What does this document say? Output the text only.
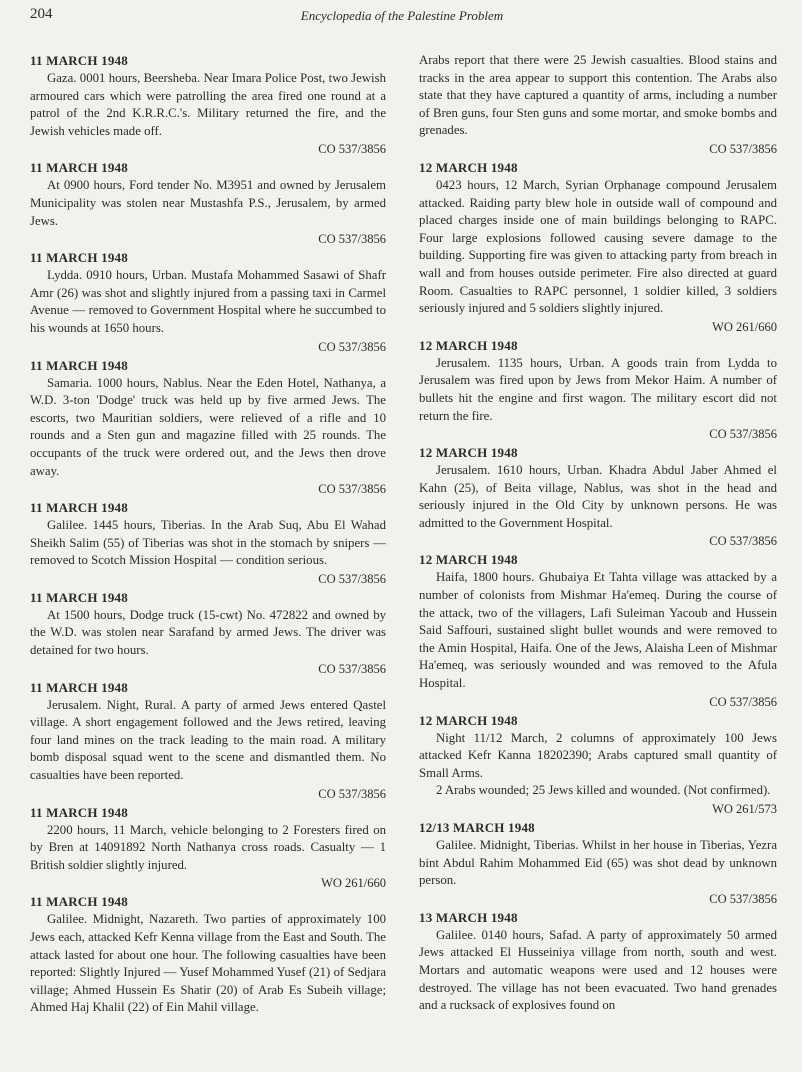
204	Encyclopedia of the Palestine Problem
11 MARCH 1948

Gaza. 0001 hours, Beersheba. Near Imara Police Post, two Jewish armoured cars which were patrolling the area fired one round at a patrol of the 2nd K.R.R.C.'s. Military returned the fire, and the Jewish vehicles made off.

CO 537/3856
11 MARCH 1948

At 0900 hours, Ford tender No. M3951 and owned by Jerusalem Municipality was stolen near Mustashfa P.S., Jerusalem, by armed Jews.

CO 537/3856
11 MARCH 1948

Lydda. 0910 hours, Urban. Mustafa Mohammed Sasawi of Shafr Amr (26) was shot and slightly injured from a passing taxi in Carmel Avenue — removed to Government Hospital where he succumbed to his wounds at 1650 hours.

CO 537/3856
11 MARCH 1948

Samaria. 1000 hours, Nablus. Near the Eden Hotel, Nathanya, a W.D. 3-ton 'Dodge' truck was held up by five armed Jews. The escorts, two Mauritian soldiers, were relieved of a rifle and 10 rounds and a Sten gun and magazine filled with 25 rounds. The occupants of the truck were ordered out, and the Jews then drove away.

CO 537/3856
11 MARCH 1948

Galilee. 1445 hours, Tiberias. In the Arab Suq, Abu El Wahad Sheikh Salim (55) of Tiberias was shot in the stomach by snipers — removed to Scotch Mission Hospital — condition serious.

CO 537/3856
11 MARCH 1948

At 1500 hours, Dodge truck (15-cwt) No. 472822 and owned by the W.D. was stolen near Sarafand by armed Jews. The driver was detained for two hours.

CO 537/3856
11 MARCH 1948

Jerusalem. Night, Rural. A party of armed Jews entered Qastel village. A short engagement followed and the Jews retired, leaving four land mines on the track leading to the main road. A military bomb disposal squad went to the scene and dismantled them. No casualties have been reported.

CO 537/3856
11 MARCH 1948

2200 hours, 11 March, vehicle belonging to 2 Foresters fired on by Bren at 14091892 North Nathanya cross roads. Casualty — 1 British soldier slightly injured.

WO 261/660
11 MARCH 1948

Galilee. Midnight, Nazareth. Two parties of approximately 100 Jews each, attacked Kefr Kenna village from the East and South. The attack lasted for about one hour. The following casualties have been reported: Slightly Injured — Yusef Mohammed Yusef (21) of Sedjara village; Ahmed Hussein Es Shatir (20) of Arab Es Subeih village; Ahmed Haj Khalil (22) of Ein Mahil village.

Arabs report that there were 25 Jewish casualties. Blood stains and tracks in the area appear to support this contention. The Arabs also state that they have captured a quantity of arms, including a number of Bren guns, four Sten guns and some mortar, and smoke bombs and grenades.

CO 537/3856
12 MARCH 1948

0423 hours, 12 March, Syrian Orphanage compound Jerusalem attacked. Raiding party blew hole in outside wall of compound and placed charges inside one of main buildings belonging to RAPC. Four large explosions followed causing severe damage to the building. Supporting fire was given to attacking party from breach in wall and from houses outside perimeter. Fire also directed at guard Room. Casualties to RAPC personnel, 1 soldier killed, 3 soldiers seriously injured and 5 soldiers slightly injured.

WO 261/660
12 MARCH 1948

Jerusalem. 1135 hours, Urban. A goods train from Lydda to Jerusalem was fired upon by Jews from Mekor Haim. A number of bullets hit the engine and first wagon. The military escort did not return the fire.

CO 537/3856
12 MARCH 1948

Jerusalem. 1610 hours, Urban. Khadra Abdul Jaber Ahmed el Kahn (25), of Beita village, Nablus, was shot in the head and seriously injured in the Old City by unknown persons. He was admitted to the Government Hospital.

CO 537/3856
12 MARCH 1948

Haifa, 1800 hours. Ghubaiya Et Tahta village was attacked by a number of colonists from Mishmar Ha'emeq. During the course of the attack, two of the villagers, Lafi Suleiman Yacoub and Hussein Said Saffouri, sustained slight bullet wounds and were removed to the Amin Hospital, Haifa. One of the Jews, Alaisha Leen of Mishmar Ha'emeq, was seriously wounded and was removed to the Afula Hospital.

CO 537/3856
12 MARCH 1948

Night 11/12 March, 2 columns of approximately 100 Jews attacked Kefr Kanna 18202390; Arabs captured small quantity of Small Arms.

2 Arabs wounded; 25 Jews killed and wounded. (Not confirmed).

WO 261/573
12/13 MARCH 1948

Galilee. Midnight, Tiberias. Whilst in her house in Tiberias, Yezra bint Abdul Rahim Mohammed Eid (65) was shot dead by unknown person.

CO 537/3856
13 MARCH 1948

Galilee. 0140 hours, Safad. A party of approximately 50 armed Jews attacked El Husseiniya village from north, south and west. Mortars and automatic weapons were used and 12 houses were destroyed. The village has not been evacuated. Two hand grenades and a rucksack of explosives found on
